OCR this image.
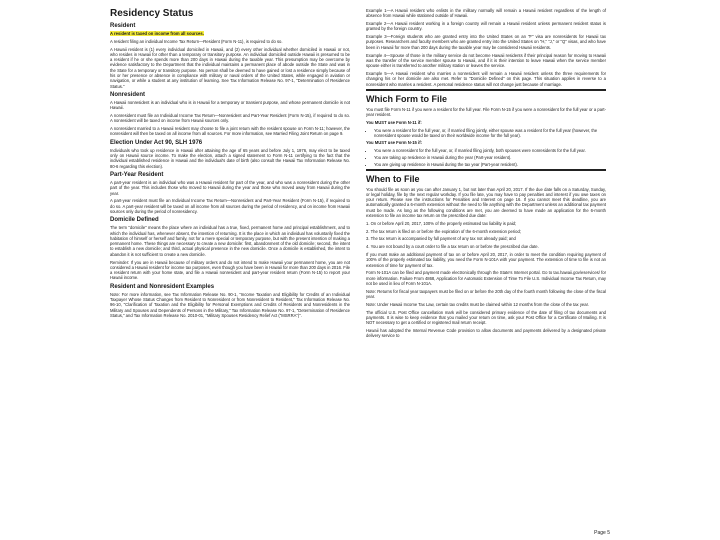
Residency Status
Resident

A resident is taxed on income from all sources.

A resident filing an individual Income Tax Return—Resident (Form N-11), is required to do so.

A Hawaii resident is (1) every individual domiciled in Hawaii, and (2) every other individual whether domiciled in Hawaii or not, who resides in Hawaii for other than a temporary or transitory purpose. An individual domiciled outside Hawaii is presumed to be a resident if he or she spends more than 200 days in Hawaii during the taxable year. This presumption may be overcome by evidence satisfactory to the Department that the individual maintains a permanent place of abode outside the State and was in the State for a temporary or transitory purpose. No person shall be deemed to have gained or lost a residence simply because of his or her presence or absence in compliance with military or naval orders of the United States, while engaged in aviation or navigation, or while a student at any institution of learning. See Tax Information Release No. 97-1, "Determination of Residence Status."

Nonresident

A Hawaii nonresident is an individual who is in Hawaii for a temporary or transient purpose, and whose permanent domicile is not Hawaii.

A nonresident must file an Individual Income Tax Return—Nonresident and Part-Year Resident (Form N-15), if required to do so. A nonresident will be taxed on income from Hawaii sources only.

A nonresident married to a Hawaii resident may choose to file a joint return with the resident spouse on Form N-11; however, the nonresident will then be taxed on all income from all sources. For more information, see Married Filing Joint Return on page 9.

Election Under Act 90, SLH 1976

Individuals who took up residence in Hawaii after attaining the age of 65 years and before July 1, 1976, may elect to be taxed only on Hawaii source income. To make the election, attach a signed statement to Form N-11 certifying to the fact that the individual established residence in Hawaii and the individual's date of birth (also consult the Hawaii Tax Information Release No. 80-6 regarding this election).

Part-Year Resident

A part-year resident is an individual who was a Hawaii resident for part of the year, and who was a nonresident during the other part of the year. This includes those who moved to Hawaii during the year and those who moved away from Hawaii during the year.

A part-year resident must file an Individual Income Tax Return—Nonresident and Part-Year Resident (Form N-15), if required to do so. A part-year resident will be taxed on all income from all sources during the period of residency, and on income from Hawaii sources only during the period of nonresidency.

Domicile Defined

The term "domicile" means the place where an individual has a true, fixed, permanent home and principal establishment, and to which the individual has, whenever absent, the intention of returning. It is the place in which an individual has voluntarily fixed the habitation of himself or herself and family, not for a mere special or temporary purpose, but with the present intention of making a permanent home. These things are necessary to create a new domicile: first, abandonment of the old domicile; second, the intent to establish a new domicile; and third, actual physical presence in the new domicile. Once a domicile is established, the intent to abandon it is not sufficient to create a new domicile.

Reminder: If you are in Hawaii because of military orders and do not intend to make Hawaii your permanent home, you are not considered a Hawaii resident for income tax purposes, even though you have been in Hawaii for more than 200 days in 2016. File a resident return with your home state, and file a Hawaii nonresident and part-year resident return (Form N-15) to report your Hawaii income.

Resident and Nonresident Examples

Note: For more information, see Tax Information Release No. 90-1, "Income Taxation and Eligibility for Credits of an Individual Taxpayer Whose Status Changes from Resident to Nonresident or from Nonresident to Resident," Tax Information Release No. 96-10, "Clarification of Taxation and the Eligibility for Personal Exemptions and Credits of Residents and Nonresidents in the Military and Spouses and Dependents of Persons in the Military," Tax Information Release No. 97-1, "Determination of Residence Status," and Tax Information Release No. 2010-01, "Military Spouses Residency Relief Act ("MSRRA")".

Example 1—A Hawaii resident who enlists in the military normally will remain a Hawaii resident regardless of the length of absence from Hawaii while stationed outside of Hawaii.

Example 2—A Hawaii resident working in a foreign country will remain a Hawaii resident unless permanent resident status is granted by the foreign country.

Example 3—Foreign students who are granted entry into the United States on an "F" visa are nonresidents for Hawaii tax purposes. Researchers and faculty members who are granted entry into the United States on "H," "J," or "Q" visas, and who have been in Hawaii for more than 200 days during the taxable year may be considered Hawaii residents.

Example 4—Spouse of those in the military service do not become Hawaii residents if their principal reason for moving to Hawaii was the transfer of the service member spouse to Hawaii, and if it is their intention to leave Hawaii when the service member spouse either is transferred to another military station or leaves the service.

Example 5—A Hawaii resident who marries a nonresident will remain a Hawaii resident unless the three requirements for changing his or her domicile are also met. Refer to "Domicile Defined" on this page. This situation applies in reverse to a nonresident who marries a resident. A personal residence status will not change just because of marriage.

Which Form to File

You must file Form N-11 if you were a resident for the full year. File Form N-15 if you were a nonresident for the full year or a part-year resident.

You MUST use Form N-11 if:

• You were a resident for the full year, or, if married filing jointly, either spouse was a resident for the full year (however, the nonresident spouse would be taxed on their worldwide income for the full year).

You MUST use Form N-15 if:

• You were a nonresident for the full year, or, if married filing jointly, both spouses were nonresidents for the full year.
• You are taking up residence in Hawaii during the year (Part-year resident).
• You are giving up residence in Hawaii during the tax year (Part-year resident).
When to File

You should file as soon as you can after January 1, but not later than April 20, 2017. If the due date falls on a Saturday, Sunday, or legal holiday, file by the next regular workday. If you file late, you may have to pay penalties and interest if you owe taxes on your return. Please see the instructions for Penalties and Interest on page 16. If you cannot meet this deadline, you are automatically granted a 6-month extension without the need to file anything with the Department unless an additional tax payment must be made. As long as the following conditions are met, you are deemed to have made an application for the 6-month extension to file an income tax return on the prescribed due date:

1. On or before April 20, 2017, 100% of the properly estimated tax liability is paid;

2. The tax return is filed on or before the expiration of the 6-month extension period;

3. The tax return is accompanied by full payment of any tax not already paid; and

4. You are not bound by a court order to file a tax return on or before the prescribed due date.

If you must make an additional payment of tax on or before April 20, 2017, in order to meet the condition requiring payment of 100% of the properly estimated tax liability, you need the Form N-101A with your payment. The extension of time to file is not an extension of time for payment of tax.

Form N-101A can be filed and payment made electronically through the State's Internet portal. Go to tax.hawaii.gov/eservices/ for more information. Failure From 4868, Application for Automatic Extension of Time To File U.S. Individual Income Tax Return, may not be used in lieu of Form N-101A.

Note: Returns for fiscal year taxpayers must be filed on or before the 20th day of the fourth month following the close of the fiscal year.

Note: Under Hawaii Income Tax Law, certain tax credits must be claimed within 12 months from the close of the tax year.

The official U.S. Post Office cancellation mark will be considered primary evidence of the date of filing of tax documents and payments. It is wise to keep evidence that you mailed your return on time, ask your Post Office for a Certificate of Mailing. It is NOT necessary to get a certified or registered mail return receipt.

Hawaii has adopted the Internal Revenue Code provision to allow documents and payments delivered by a designated private delivery service to

Page 5
